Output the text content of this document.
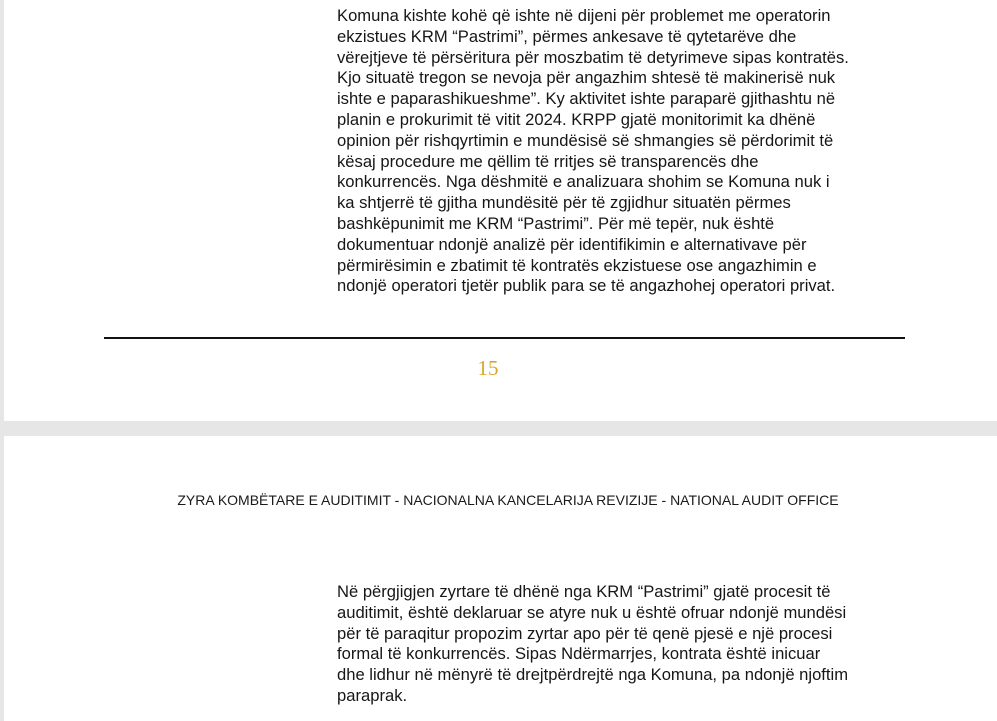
Komuna kishte kohë që ishte në dijeni për problemet me operatorin
ekzistues KRM “Pastrimi”, përmes ankesave të qytetarëve dhe
vërejtjeve të përsëritura për moszbatim të detyrimeve sipas kontratës.
Kjo situatë tregon se nevoja për angazhim shtesë të makinerisë nuk
ishte e paparashikueshme”. Ky aktivitet ishte paraparë gjithashtu në
planin e prokurimit të vitit 2024. KRPP gjatë monitorimit ka dhënë
opinion për rishqyrtimin e mundësisë së shmangies së përdorimit të
kësaj procedure me qëllim të rritjes së transparencës dhe
konkurrencës. Nga dëshmitë e analizuara shohim se Komuna nuk i
ka shtjerrë të gjitha mundësitë për të zgjidhur situatën përmes
bashkëpunimit me KRM “Pastrimi”. Për më tepër, nuk është
dokumentuar ndonjë analizë për identifikimin e alternativave për
përmirësimin e zbatimit të kontratës ekzistuese ose angazhimin e
ndonjë operatori tjetër publik para se të angazhohej operatori privat.

15
ZYRA KOMBËTARE E AUDITIMIT - NACIONALNA KANCELARIJA REVIZIJE - NATIONAL AUDIT OFFICE

Në përgjigjen zyrtare të dhënë nga KRM “Pastrimi” gjatë procesit të
auditimit, është deklaruar se atyre nuk u është ofruar ndonjë mundësi
për të paraqitur propozim zyrtar apo për të qenë pjesë e një procesi
formal të konkurrencës. Sipas Ndërmarrjes, kontrata është inicuar
dhe lidhur në mënyrë të drejtpërdrejtë nga Komuna, pa ndonjë njoftim
paraprak.
